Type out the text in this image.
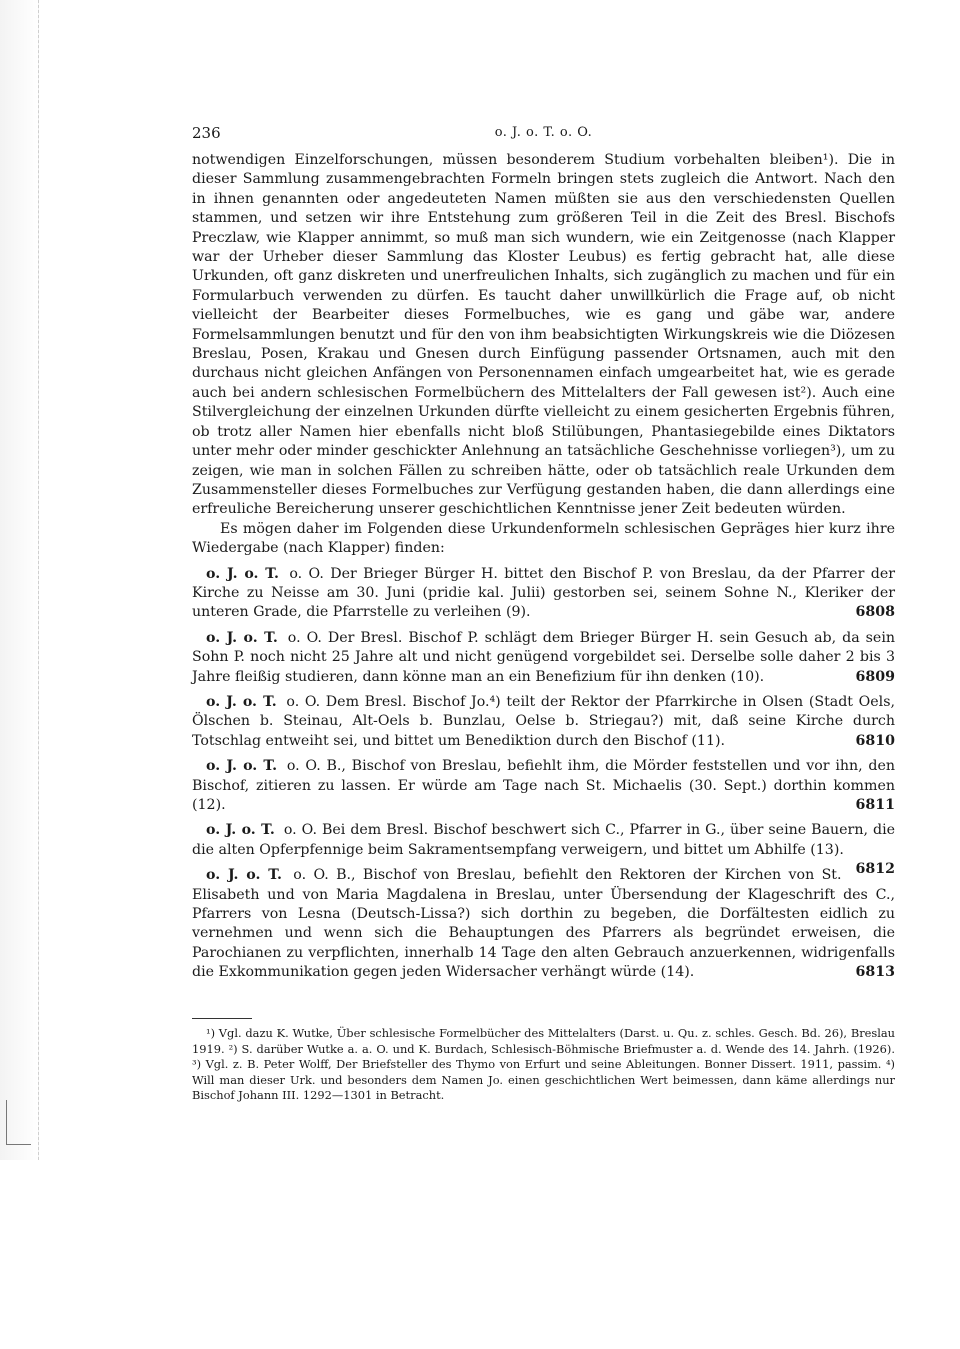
236	o. J. o. T. o. O.

notwendigen Einzelforschungen, müssen besonderem Studium vorbehalten bleiben¹). Die in dieser Sammlung zusammengebrachten Formeln bringen stets zugleich die Antwort. Nach den in ihnen genannten oder angedeuteten Namen müßten sie aus den verschiedensten Quellen stammen, und setzen wir ihre Entstehung zum größeren Teil in die Zeit des Bresl. Bischofs Preczlaw, wie Klapper annimmt, so muß man sich wundern, wie ein Zeitgenosse (nach Klapper war der Urheber dieser Sammlung das Kloster Leubus) es fertig gebracht hat, alle diese Urkunden, oft ganz diskreten und unerfreulichen Inhalts, sich zugänglich zu machen und für ein Formularbuch verwenden zu dürfen. Es taucht daher unwillkürlich die Frage auf, ob nicht vielleicht der Bearbeiter dieses Formelbuches, wie es gang und gäbe war, andere Formelsammlungen benutzt und für den von ihm beabsichtigten Wirkungskreis wie die Diözesen Breslau, Posen, Krakau und Gnesen durch Einfügung passender Ortsnamen, auch mit den durchaus nicht gleichen Anfängen von Personennamen einfach umgearbeitet hat, wie es gerade auch bei andern schlesischen Formelbüchern des Mittelalters der Fall gewesen ist²). Auch eine Stilvergleichung der einzelnen Urkunden dürfte vielleicht zu einem gesicherten Ergebnis führen, ob trotz aller Namen hier ebenfalls nicht bloß Stilübungen, Phantasiegebilde eines Diktators unter mehr oder minder geschickter Anlehnung an tatsächliche Geschehnisse vorliegen³), um zu zeigen, wie man in solchen Fällen zu schreiben hätte, oder ob tatsächlich reale Urkunden dem Zusammensteller dieses Formelbuches zur Verfügung gestanden haben, die dann allerdings eine erfreuliche Bereicherung unserer geschichtlichen Kenntnisse jener Zeit bedeuten würden.

Es mögen daher im Folgenden diese Urkundenformeln schlesischen Gepräges hier kurz ihre Wiedergabe (nach Klapper) finden:

o. J. o. T. o. O. Der Brieger Bürger H. bittet den Bischof P. von Breslau, da der Pfarrer der Kirche zu Neisse am 30. Juni (pridie kal. Julii) gestorben sei, seinem Sohne N., Kleriker der unteren Grade, die Pfarrstelle zu verleihen (9).	6808

o. J. o. T. o. O. Der Bresl. Bischof P. schlägt dem Brieger Bürger H. sein Gesuch ab, da sein Sohn P. noch nicht 25 Jahre alt und nicht genügend vorgebildet sei. Derselbe solle daher 2 bis 3 Jahre fleißig studieren, dann könne man an ein Benefizium für ihn denken (10).	6809

o. J. o. T. o. O. Dem Bresl. Bischof Jo.⁴) teilt der Rektor der Pfarrkirche in Olsen (Stadt Oels, Ölschen b. Steinau, Alt-Oels b. Bunzlau, Oelse b. Striegau?) mit, daß seine Kirche durch Totschlag entweiht sei, und bittet um Benediktion durch den Bischof (11).	6810

o. J. o. T. o. O. B., Bischof von Breslau, befiehlt ihm, die Mörder feststellen und vor ihn, den Bischof, zitieren zu lassen. Er würde am Tage nach St. Michaelis (30. Sept.) dorthin kommen (12).	6811

o. J. o. T. o. O. Bei dem Bresl. Bischof beschwert sich C., Pfarrer in G., über seine Bauern, die die alten Opferpfennige beim Sakramentsempfang verweigern, und bittet um Abhilfe (13).
6812

o. J. o. T. o. O. B., Bischof von Breslau, befiehlt den Rektoren der Kirchen von St. Elisabeth und von Maria Magdalena in Breslau, unter Übersendung der Klageschrift des C., Pfarrers von Lesna (Deutsch-Lissa?) sich dorthin zu begeben, die Dorfältesten eidlich zu vernehmen und wenn sich die Behauptungen des Pfarrers als begründet erweisen, die Parochianen zu verpflichten, innerhalb 14 Tage den alten Gebrauch anzuerkennen, widrigenfalls die Exkommunikation gegen jeden Widersacher verhängt würde (14).	6813

¹) Vgl. dazu K. Wutke, Über schlesische Formelbücher des Mittelalters (Darst. u. Qu. z. schles. Gesch. Bd. 26), Breslau 1919. ²) S. darüber Wutke a. a. O. und K. Burdach, Schlesisch-Böhmische Briefmuster a. d. Wende des 14. Jahrh. (1926). ³) Vgl. z. B. Peter Wolff, Der Briefsteller des Thymo von Erfurt und seine Ableitungen. Bonner Dissert. 1911, passim. ⁴) Will man dieser Urk. und besonders dem Namen Jo. einen geschichtlichen Wert beimessen, dann käme allerdings nur Bischof Johann III. 1292—1301 in Betracht.
